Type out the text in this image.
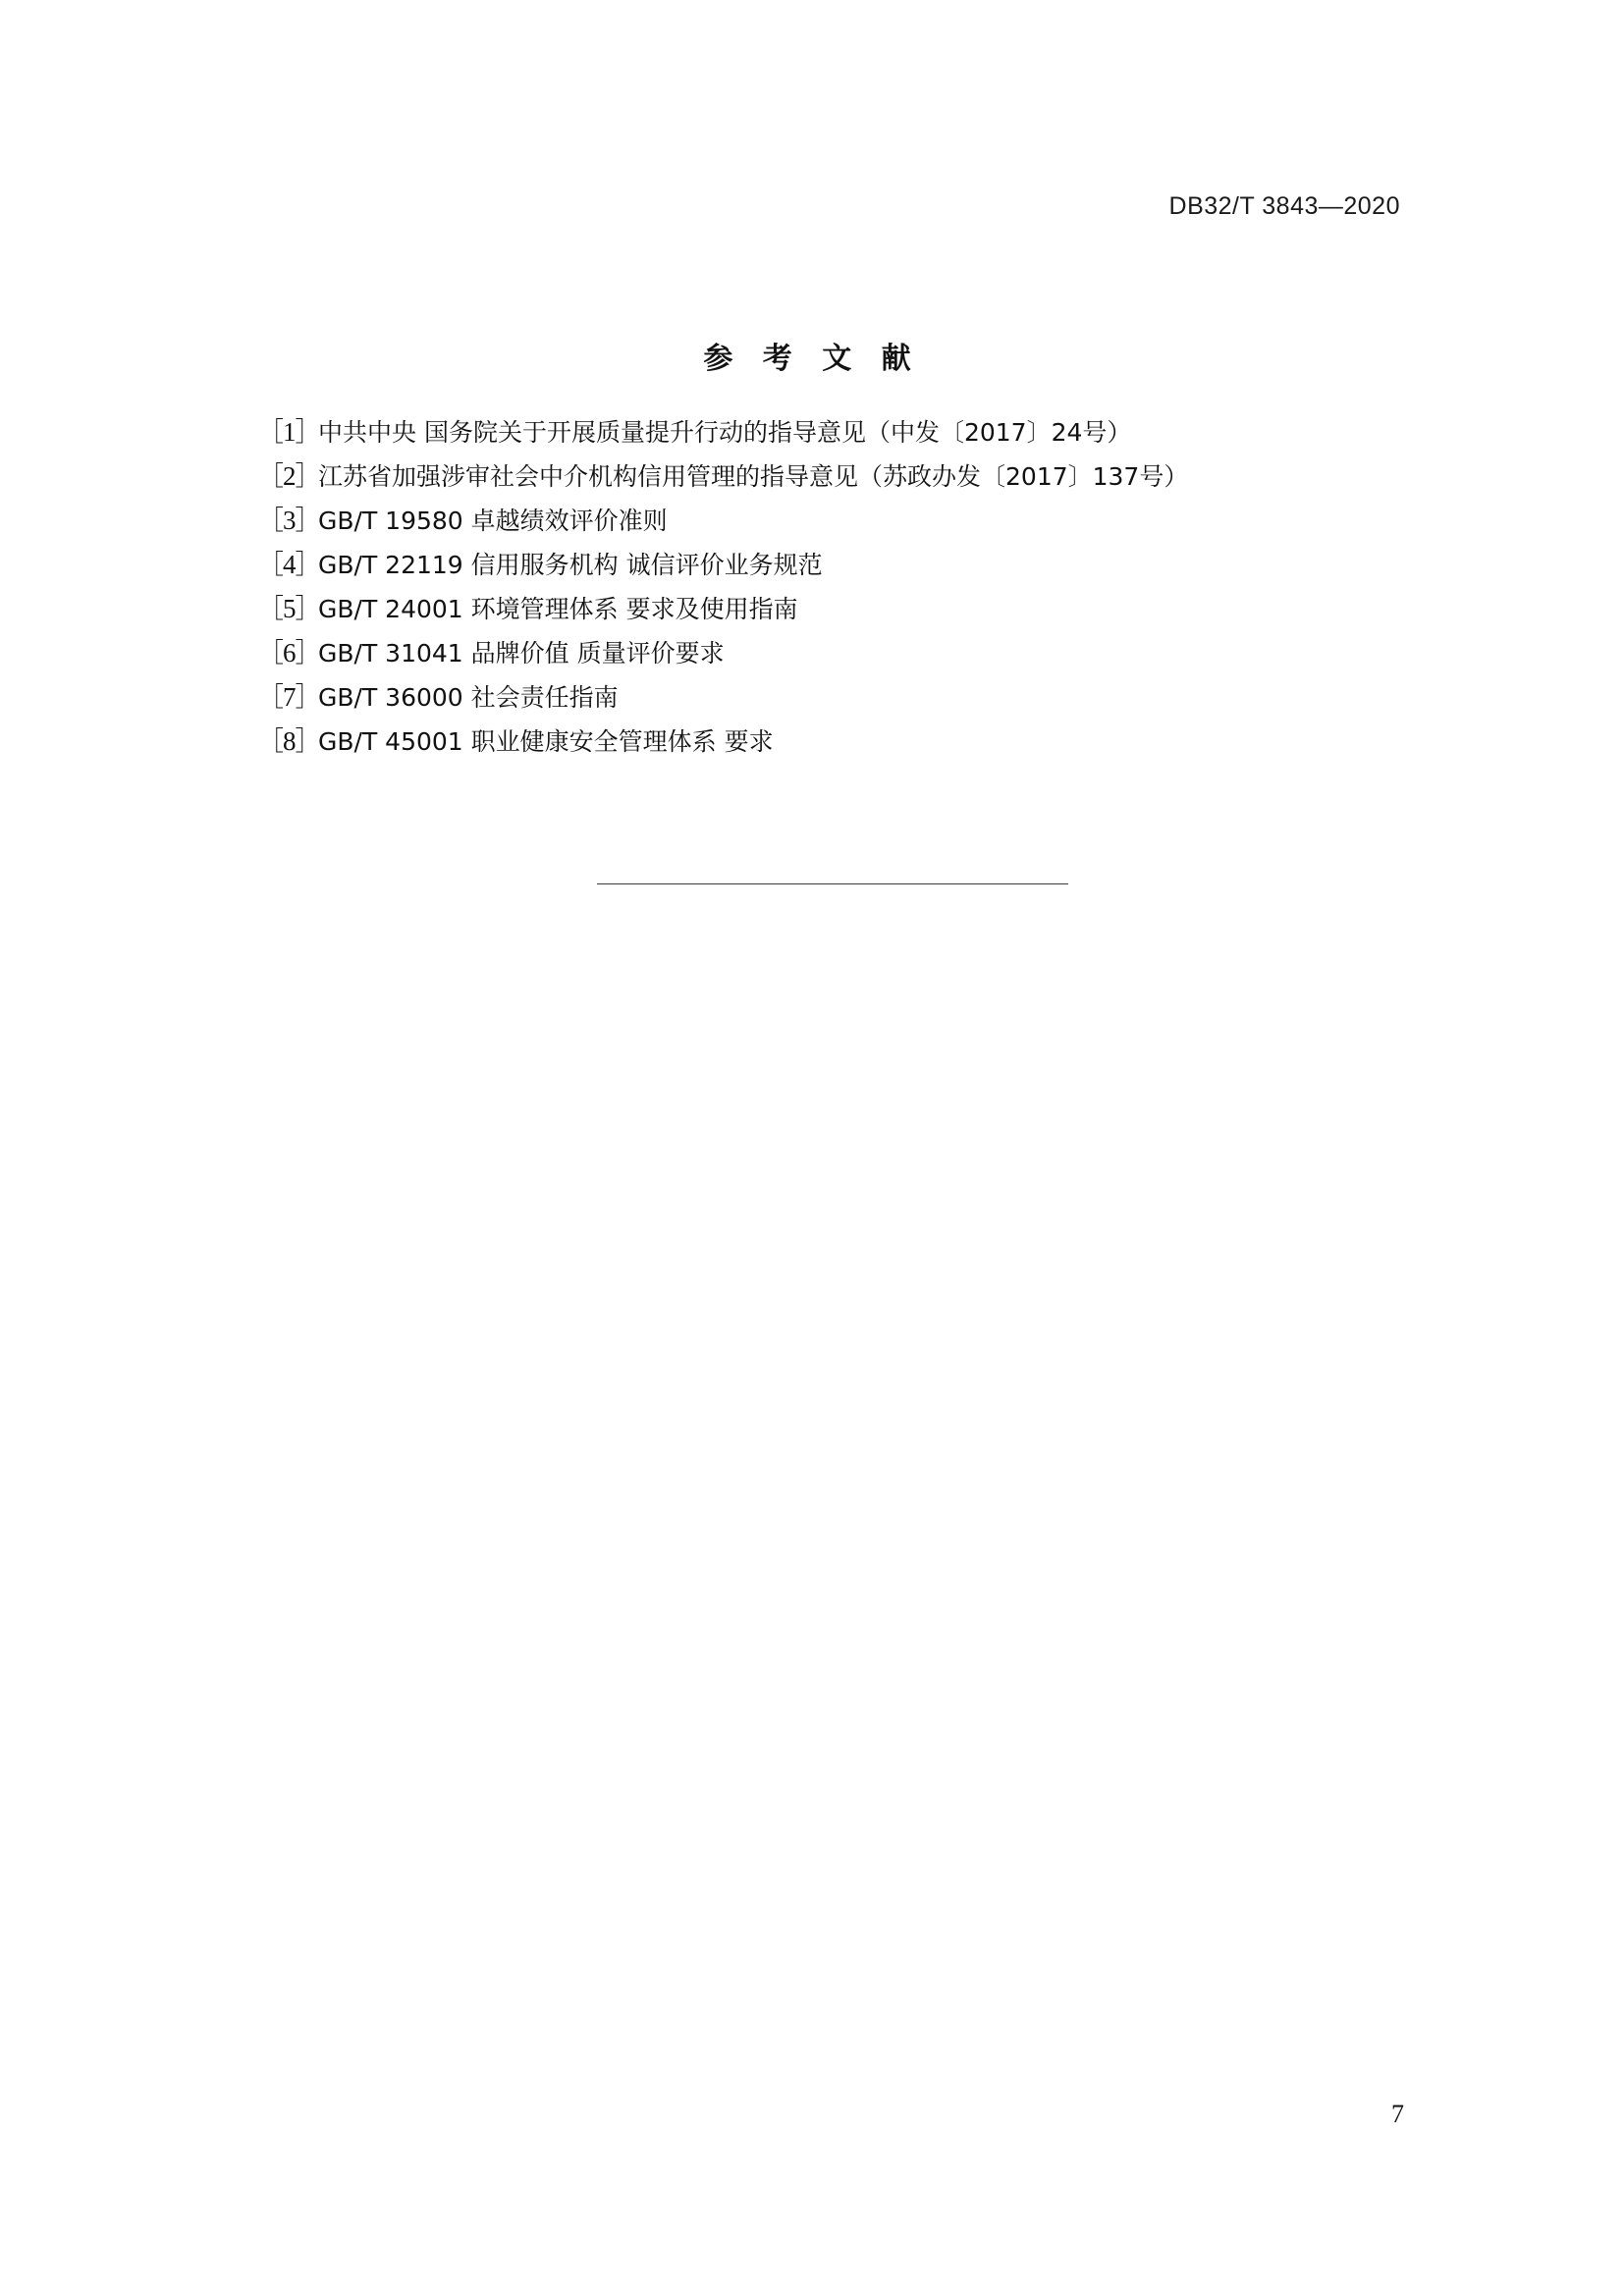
DB32/T 3843—2020
参 考 文 献
［1］
中共中央 国务院关于开展质量提升行动的指导意见（中发〔2017〕24号）
［2］
江苏省加强涉审社会中介机构信用管理的指导意见（苏政办发〔2017〕137号）
［3］
GB/T 19580 卓越绩效评价准则
［4］
GB/T 22119 信用服务机构 诚信评价业务规范
［5］
GB/T 24001 环境管理体系 要求及使用指南
［6］
GB/T 31041 品牌价值 质量评价要求
［7］
GB/T 36000 社会责任指南
［8］
GB/T 45001 职业健康安全管理体系 要求
7
